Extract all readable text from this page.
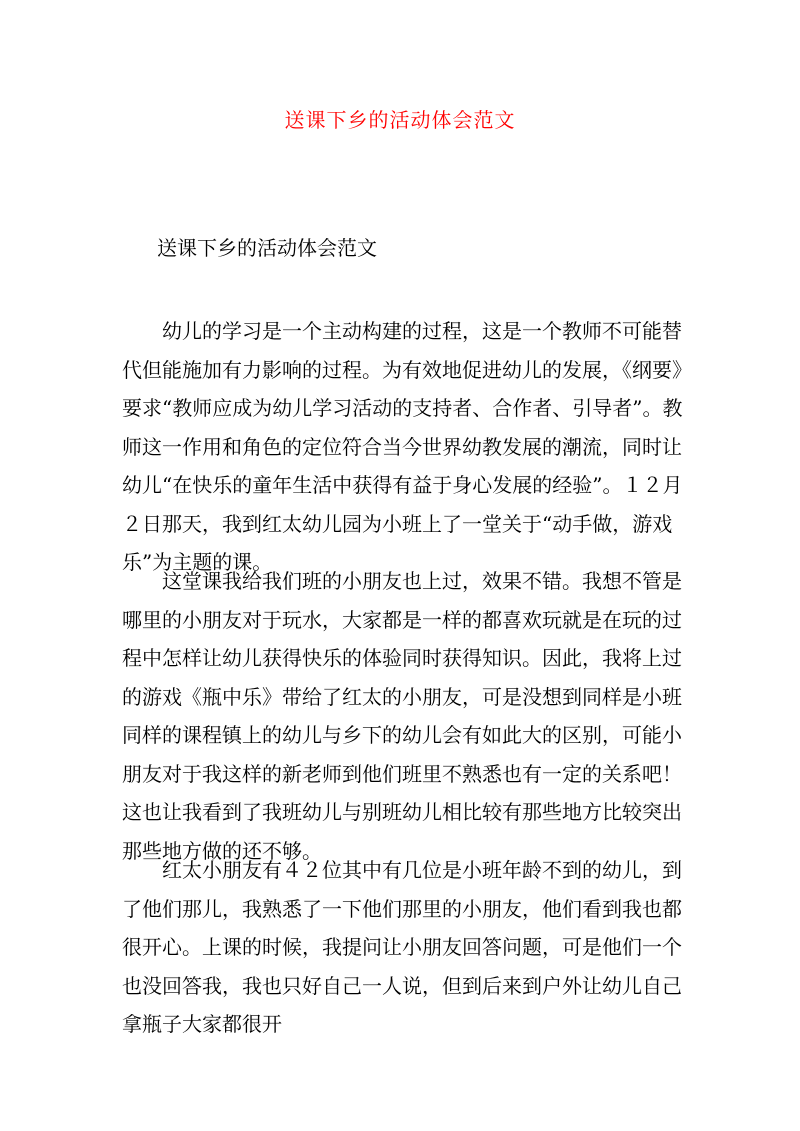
送课下乡的活动体会范文
送课下乡的活动体会范文

幼儿的学习是一个主动构建的过程，这是一个教师不可能替代但能施加有力影响的过程。为有效地促进幼儿的发展，《纲要》要求“教师应成为幼儿学习活动的支持者、合作者、引导者”。教师这一作用和角色的定位符合当今世界幼教发展的潮流，同时让幼儿“在快乐的童年生活中获得有益于身心发展的经验”。１２月２日那天，我到红太幼儿园为小班上了一堂关于“动手做，游戏乐”为主题的课。

这堂课我给我们班的小朋友也上过，效果不错。我想不管是哪里的小朋友对于玩水，大家都是一样的都喜欢玩就是在玩的过程中怎样让幼儿获得快乐的体验同时获得知识。因此，我将上过的游戏《瓶中乐》带给了红太的小朋友，可是没想到同样是小班同样的课程镇上的幼儿与乡下的幼儿会有如此大的区别，可能小朋友对于我这样的新老师到他们班里不熟悉也有一定的关系吧！这也让我看到了我班幼儿与别班幼儿相比较有那些地方比较突出那些地方做的还不够。

红太小朋友有４２位其中有几位是小班年龄不到的幼儿，到了他们那儿，我熟悉了一下他们那里的小朋友，他们看到我也都很开心。上课的时候，我提问让小朋友回答问题，可是他们一个也没回答我，我也只好自己一人说，但到后来到户外让幼儿自己拿瓶子大家都很开
